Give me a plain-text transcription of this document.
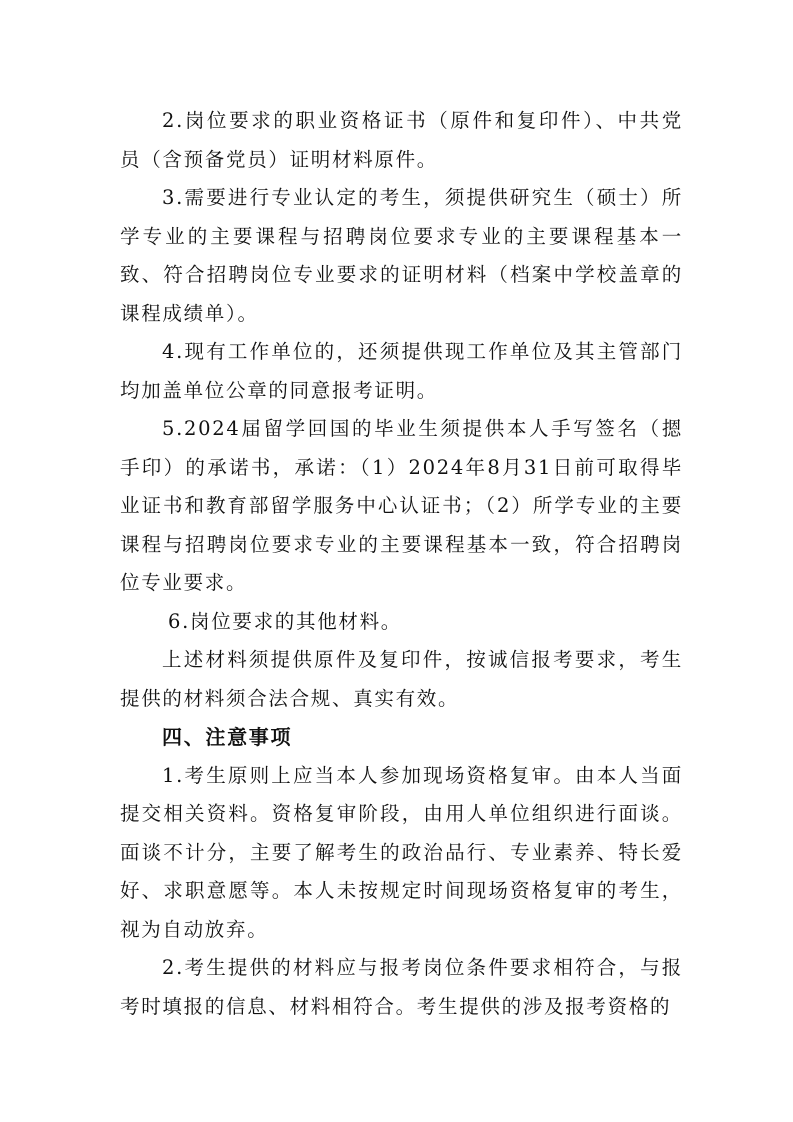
2.岗位要求的职业资格证书（原件和复印件）、中共党员（含预备党员）证明材料原件。

3.需要进行专业认定的考生，须提供研究生（硕士）所学专业的主要课程与招聘岗位要求专业的主要课程基本一致、符合招聘岗位专业要求的证明材料（档案中学校盖章的课程成绩单）。

4.现有工作单位的，还须提供现工作单位及其主管部门均加盖单位公章的同意报考证明。

5.2024届留学回国的毕业生须提供本人手写签名（摁手印）的承诺书，承诺：（1）2024年8月31日前可取得毕业证书和教育部留学服务中心认证书；（2）所学专业的主要课程与招聘岗位要求专业的主要课程基本一致，符合招聘岗位专业要求。

6.岗位要求的其他材料。

上述材料须提供原件及复印件，按诚信报考要求，考生提供的材料须合法合规、真实有效。

四、注意事项

1.考生原则上应当本人参加现场资格复审。由本人当面提交相关资料。资格复审阶段，由用人单位组织进行面谈。面谈不计分，主要了解考生的政治品行、专业素养、特长爱好、求职意愿等。本人未按规定时间现场资格复审的考生，视为自动放弃。

2.考生提供的材料应与报考岗位条件要求相符合，与报考时填报的信息、材料相符合。考生提供的涉及报考资格的
